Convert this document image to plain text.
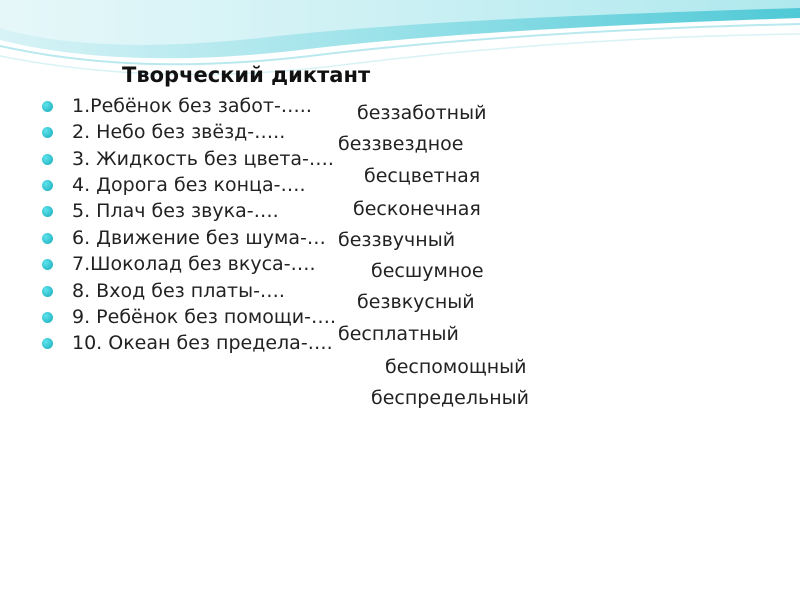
Творческий диктант
1.Ребёнок без забот-…..
2. Небо без звёзд-…..
3. Жидкость без цвета-….
4. Дорога без конца-….
5. Плач без звука-….
6. Движение без шума-…
7.Шоколад без вкуса-….
8. Вход без платы-….
9. Ребёнок без помощи-….
10. Океан без предела-….
беззаботный
беззвездное
бесцветная
бесконечная
беззвучный
бесшумное
безвкусный
бесплатный
беспомощный
беспредельный
